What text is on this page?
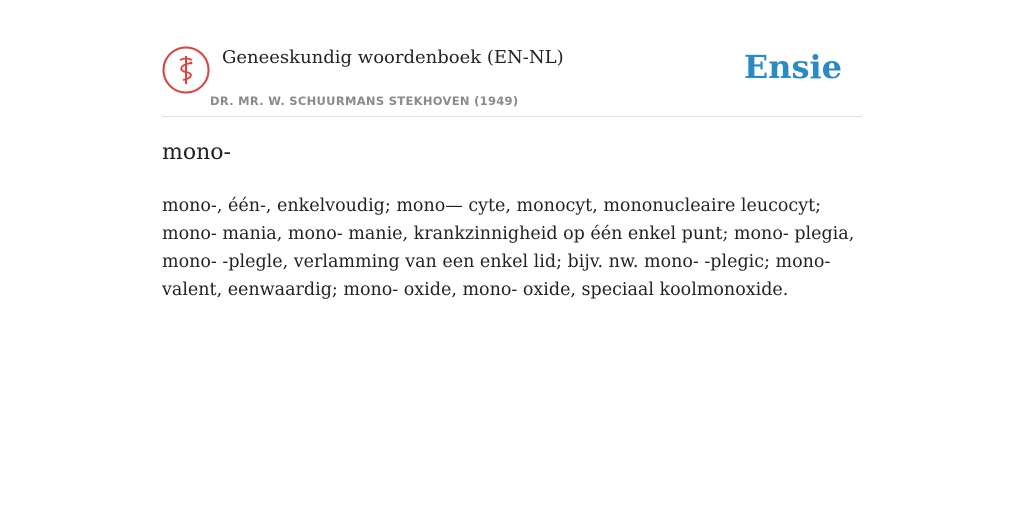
Geneeskundig woordenboek (EN-NL)
DR. MR. W. SCHUURMANS STEKHOVEN (1949)
Ensie
mono-

mono-, één-, enkelvoudig; mono— cyte, monocyt, mononucleaire leucocyt; mono- mania, mono- manie, krankzinnigheid op één enkel punt; mono- plegia, mono- -plegle, verlamming van een enkel lid; bijv. nw. mono- -plegic; mono- valent, eenwaardig; mono- oxide, mono- oxide, speciaal koolmonoxide.
